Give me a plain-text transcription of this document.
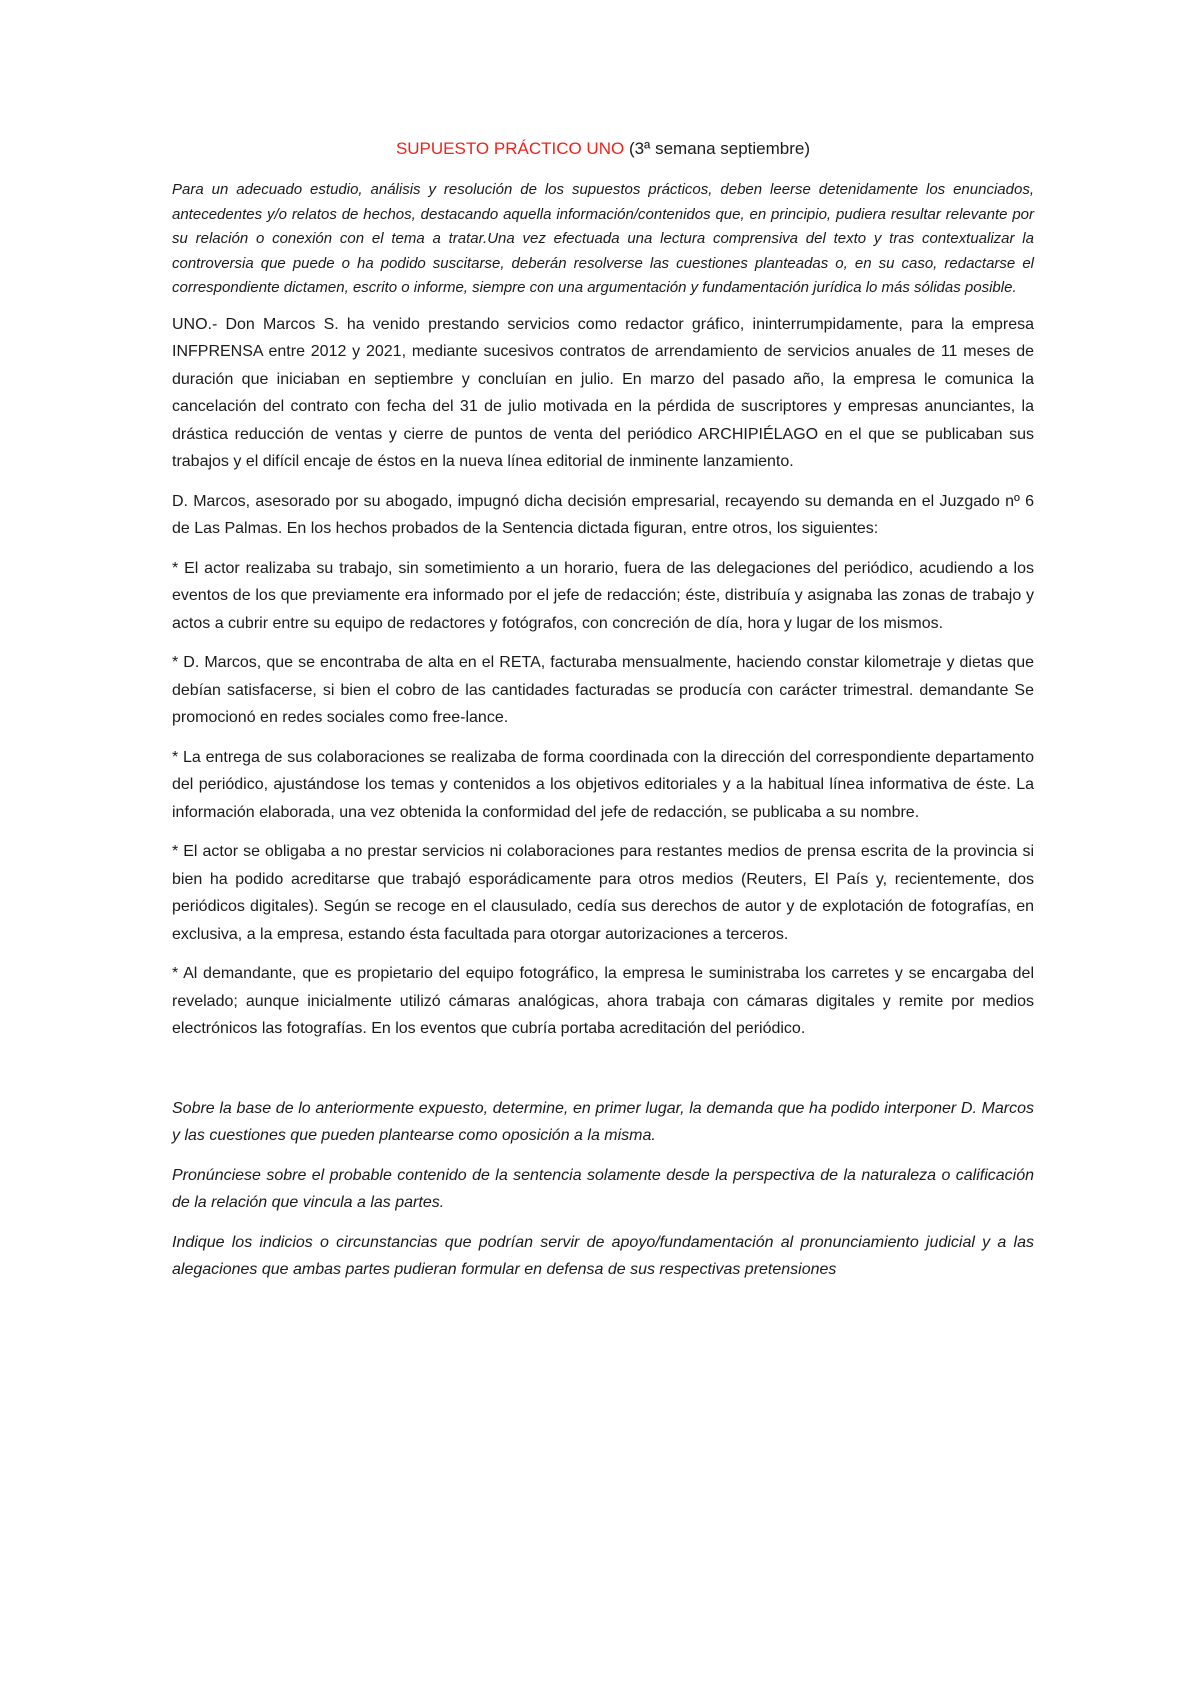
SUPUESTO PRÁCTICO UNO (3ª semana septiembre)

Para un adecuado estudio, análisis y resolución de los supuestos prácticos, deben leerse detenidamente los enunciados, antecedentes y/o relatos de hechos, destacando aquella información/contenidos que, en principio, pudiera resultar relevante por su relación o conexión con el tema a tratar.Una vez efectuada una lectura comprensiva del texto y tras contextualizar la controversia que puede o ha podido suscitarse, deberán resolverse las cuestiones planteadas o, en su caso, redactarse el correspondiente dictamen, escrito o informe, siempre con una argumentación y fundamentación jurídica lo más sólidas posible.

UNO.- Don Marcos S. ha venido prestando servicios como redactor gráfico, ininterrumpidamente, para la empresa INFPRENSA entre 2012 y 2021, mediante sucesivos contratos de arrendamiento de servicios anuales de 11 meses de duración que iniciaban en septiembre y concluían en julio. En marzo del pasado año, la empresa le comunica la cancelación del contrato con fecha del 31 de julio motivada en la pérdida de suscriptores y empresas anunciantes, la drástica reducción de ventas y cierre de puntos de venta del periódico ARCHIPIÉLAGO en el que se publicaban sus trabajos y el difícil encaje de éstos en la nueva línea editorial de inminente lanzamiento.

D. Marcos, asesorado por su abogado, impugnó dicha decisión empresarial, recayendo su demanda en el Juzgado nº 6 de Las Palmas. En los hechos probados de la Sentencia dictada figuran, entre otros, los siguientes:

* El actor realizaba su trabajo, sin sometimiento a un horario, fuera de las delegaciones del periódico, acudiendo a los eventos de los que previamente era informado por el jefe de redacción; éste, distribuía y asignaba las zonas de trabajo y actos a cubrir entre su equipo de redactores y fotógrafos, con concreción de día, hora y lugar de los mismos.

* D. Marcos, que se encontraba de alta en el RETA, facturaba mensualmente, haciendo constar kilometraje y dietas que debían satisfacerse, si bien el cobro de las cantidades facturadas se producía con carácter trimestral. demandante Se promocionó en redes sociales como free-lance.

* La entrega de sus colaboraciones se realizaba de forma coordinada con la dirección del correspondiente departamento del periódico, ajustándose los temas y contenidos a los objetivos editoriales y a la habitual línea informativa de éste. La información elaborada, una vez obtenida la conformidad del jefe de redacción, se publicaba a su nombre.

* El actor se obligaba a no prestar servicios ni colaboraciones para restantes medios de prensa escrita de la provincia si bien ha podido acreditarse que trabajó esporádicamente para otros medios (Reuters, El País y, recientemente, dos periódicos digitales). Según se recoge en el clausulado, cedía sus derechos de autor y de explotación de fotografías, en exclusiva, a la empresa, estando ésta facultada para otorgar autorizaciones a terceros.

* Al demandante, que es propietario del equipo fotográfico, la empresa le suministraba los carretes y se encargaba del revelado; aunque inicialmente utilizó cámaras analógicas, ahora trabaja con cámaras digitales y remite por medios electrónicos las fotografías. En los eventos que cubría portaba acreditación del periódico.

Sobre la base de lo anteriormente expuesto, determine, en primer lugar, la demanda que ha podido interponer D. Marcos y las cuestiones que pueden plantearse como oposición a la misma.

Pronúnciese sobre el probable contenido de la sentencia solamente desde la perspectiva de la naturaleza o calificación de la relación que vincula a las partes.

Indique los indicios o circunstancias que podrían servir de apoyo/fundamentación al pronunciamiento judicial y a las alegaciones que ambas partes pudieran formular en defensa de sus respectivas pretensiones
